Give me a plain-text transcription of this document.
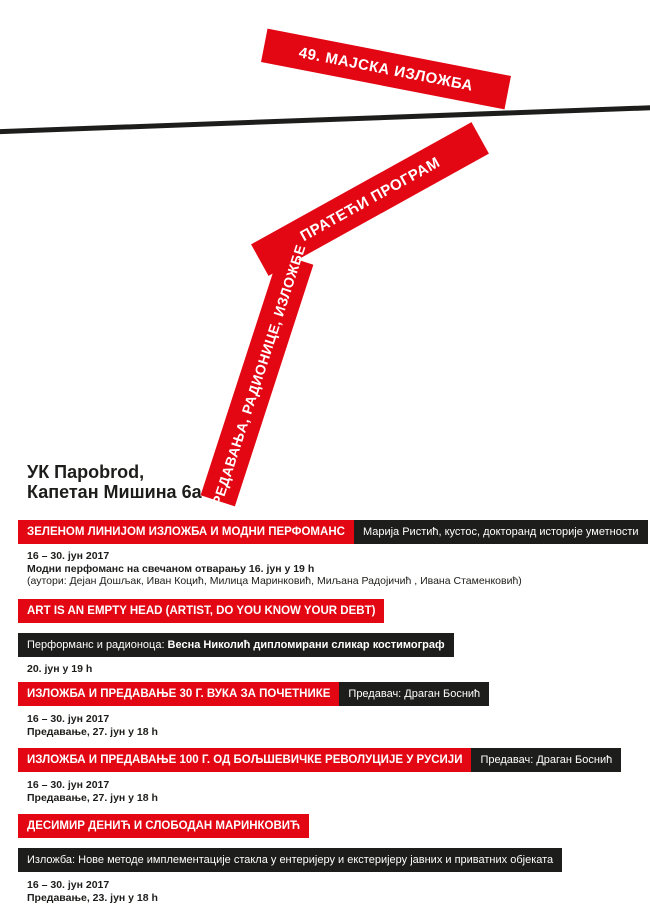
49. МАЈСКА ИЗЛОЖБА
ПРАТЕЋИ ПРОГРАМ
ПРЕДАВАЊА, РАДИОНИЦЕ, ИЗЛОЖБЕ
УК Парobrod,
Капетан Мишина 6а
ЗЕЛЕНОМ ЛИНИЈОМ ИЗЛОЖБА И МОДНИ ПЕРФОМАНС	Марија Ристић, кустос, докторанд историје уметности
16 – 30. јун 2017
Модни перфоманс на свечаном отварању 16. јун у 19 h
(аутори: Дејан Дошљак, Иван Коцић, Милица Маринковић, Миљана Радојичић , Ивана Стаменковић)
ART IS AN EMPTY HEAD (ARTIST, DO YOU KNOW YOUR DEBT)
Перформанс и радионоца: Весна Николић дипломирани сликар костимограф
20. јун у 19 h
ИЗЛОЖБА И ПРЕДАВАЊЕ 30 Г. ВУКА ЗА ПОЧЕТНИКЕ	Предавач: Драган Боснић
16 – 30. јун 2017
Предавање, 27. јун у 18 h
ИЗЛОЖБА И ПРЕДАВАЊЕ 100 Г. ОД БОЉШЕВИЧКЕ РЕВОЛУЦИЈЕ У РУСИЈИ	Предавач: Драган Боснић
16 – 30. јун 2017
Предавање, 27. јун у 18 h
ДЕСИМИР ДЕНИЋ И СЛОБОДАН МАРИНКОВИЋ
Изложба: Нове методе имплементације стакла у ентеријеру и екстеријеру јавних и приватних објеката
16 – 30. јун 2017
Предавање, 23. јун у 18 h
